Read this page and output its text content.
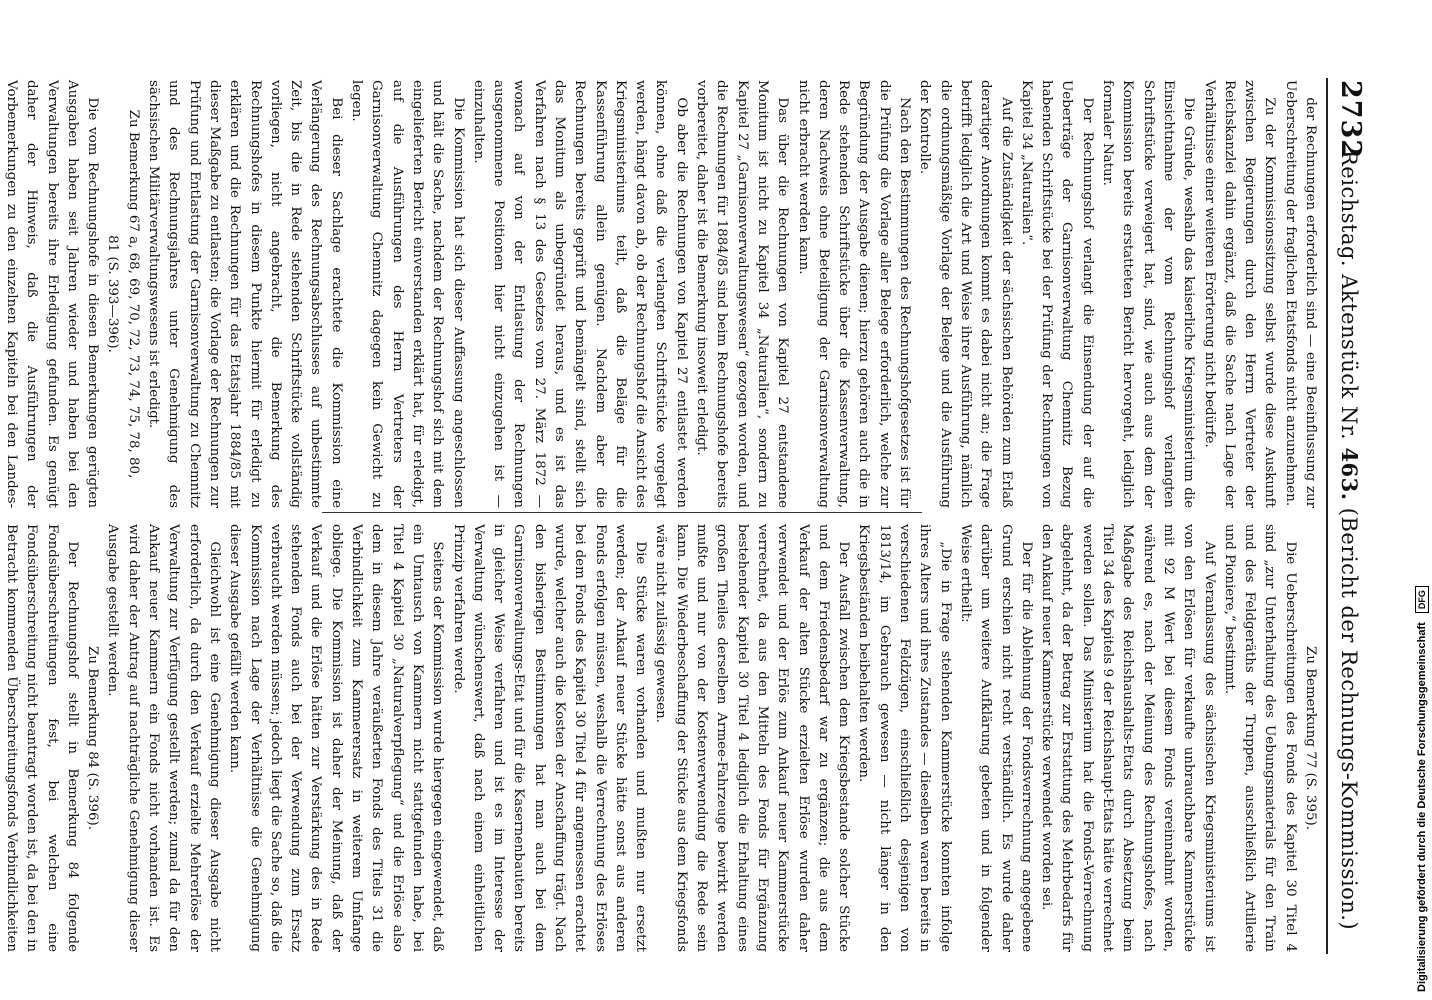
2732
Reichstag. Aktenstück Nr. 463. (Bericht der Rechnungs-Kommission.)

der Rechnungen erforderlich sind — eine Beeinflussung zur Ueberschreitung der fraglichen Etatsfonds nicht anzunehmen.

Zu der Kommissionssitzung selbst wurde diese Auskunft zwischen Regierungen durch den Herrn Vertreter der Reichskanzlei dahin ergänzt, daß die Sache nach Lage der Verhältnisse einer weiteren Erörterung nicht bedürfe.

Die Gründe, weshalb das kaiserliche Kriegsministerium die Einsichtnahme der vom Rechnungshof verlangten Schriftstücke verweigert hat, sind, wie auch aus dem der Kommission bereits erstatteten Bericht hervorgeht, lediglich formaler Natur.

Der Rechnungshof verlangt die Einsendung der auf die Ueberträge der Garnisonverwaltung Chemnitz Bezug habenden Schriftstücke bei der Prüfung der Rechnungen von Kapitel 34 „Naturalien“.

Auf die Zuständigkeit der sächsischen Behörden zum Erlaß derartiger Anordnungen kommt es dabei nicht an; die Frage betrifft lediglich die Art und Weise ihrer Ausführung, nämlich die ordnungsmäßige Vorlage der Belege und die Ausführung der Kontrolle.

Nach den Bestimmungen des Rechnungshofgesetzes ist für die Prüfung die Vorlage aller Belege erforderlich, welche zur Begründung der Ausgabe dienen; hierzu gehören auch die in Rede stehenden Schriftstücke über die Kassenverwaltung, deren Nachweis ohne Beteiligung der Garnisonverwaltung nicht erbracht werden kann.

Das über die Rechnungen von Kapitel 27 entstandene Monitum ist nicht zu Kapitel 34 „Naturalien“, sondern zu Kapitel 27 „Garnisonverwaltungswesen“ gezogen worden, und die Rechnungen für 1884/85 sind beim Rechnungshofe bereits vorbereitet, daher ist die Bemerkung insoweit erledigt.

Ob aber die Rechnungen von Kapitel 27 entlastet werden können, ohne daß die verlangten Schriftstücke vorgelegt werden, hängt davon ab, ob der Rechnungshof die Ansicht des Kriegsministeriums teilt, daß die Beläge für die Kassenführung allein genügen. Nachdem aber die Rechnungen bereits geprüft und bemängelt sind, stellt sich das Monitum als unbegründet heraus, und es ist das Verfahren nach § 13 des Gesetzes vom 27. März 1872 — wonach auf von der Entlastung der Rechnungen ausgenommene Positionen hier nicht einzugehen ist — einzuhalten.

Die Kommission hat sich dieser Auffassung angeschlossen und hält die Sache, nachdem der Rechnungshof sich mit dem eingelieferten Bericht einverstanden erklärt hat, für erledigt, auf die Ausführungen des Herrn Vertreters der Garnisonverwaltung Chemnitz dagegen kein Gewicht zu legen.

Bei dieser Sachlage erachtete die Kommission eine Verlängerung des Rechnungsabschlusses auf unbestimmte Zeit, bis die in Rede stehenden Schriftstücke vollständig vorliegen, nicht angebracht, die Bemerkung des Rechnungshofes in diesem Punkte hiermit für erledigt zu erklären und die Rechnungen für das Etatsjahr 1884/85 mit dieser Maßgabe zu entlasten; die Vorlage der Rechnungen zur Prüfung und Entlastung der Garnisonverwaltung zu Chemnitz und des Rechnungsjahres unter Genehmigung des sächsischen Militärverwaltungswesens ist erledigt.

Zu Bemerkung 67 a, 68, 69, 70, 72, 73, 74, 75, 78, 80,

81 (S. 393—396).

Die vom Rechnungshofe in diesen Bemerkungen gerügten Ausgaben haben seit Jahren wieder und haben bei den Verwaltungen bereits ihre Erledigung gefunden. Es genügt daher der Hinweis, daß die Ausführungen der Vorbemerkungen zu den einzelnen Kapiteln bei den Landes-

Zu Bemerkung 77 (S. 395).

Die Ueberschreitungen des Fonds des Kapitel 30 Titel 4 sind „zur Unterhaltung des Uebungsmaterials für den Train und des Feldgeräths der Truppen, ausschließlich Artillerie und Pioniere,“ bestimmt.

Auf Veranlassung des sächsischen Kriegsministeriums ist von den Erlösen für verkaufte unbrauchbare Kammerstücke mit 92 M Wert bei diesem Fonds vereinnahmt worden, während es, nach der Meinung des Rechnungshofes, nach Maßgabe des Reichshaushalts-Etats durch Absetzung beim Titel 34 des Kapitels 9 der Reichshaupt-Etats hätte verrechnet werden sollen. Das Ministerium hat die Fonds-Verrechnung abgelehnt, da der Betrag zur Erstattung des Mehrbedarfs für den Ankauf neuer Kammerstücke verwendet worden sei.

Der für die Ablehnung der Fondsverrechnung angegebene Grund erschien nicht recht verständlich. Es wurde daher darüber um weitere Aufklärung gebeten und in folgender Weise ertheilt:

„Die in Frage stehenden Kammerstücke konnten infolge ihres Alters und ihres Zustandes — dieselben waren bereits in verschiedenen Feldzügen, einschließlich desjenigen von 1813/14, im Gebrauch gewesen — nicht länger in den Kriegsbeständen beibehalten werden.

Der Ausfall zwischen dem Kriegsbestande solcher Stücke und dem Friedensbedarf war zu ergänzen; die aus dem Verkauf der alten Stücke erzielten Erlöse wurden daher verwendet und der Erlös zum Ankauf neuer Kammerstücke verrechnet, da aus den Mitteln des Fonds für Ergänzung bestehender Kapitel 30 Titel 4 lediglich die Erhaltung eines großen Theiles derselben Armee-Fahrzeuge bewirkt werden mußte und nur von der Kostenverwendung die Rede sein kann. Die Wiederbeschaffung der Stücke aus dem Kriegsfonds wäre nicht zulässig gewesen.

Die Stücke waren vorhanden und mußten nur ersetzt werden; der Ankauf neuer Stücke hätte sonst aus anderen Fonds erfolgen müssen, weshalb die Verrechnung des Erlöses bei dem Fonds des Kapitel 30 Titel 4 für angemessen erachtet wurde, welcher auch die Kosten der Anschaffung trägt. Nach den bisherigen Bestimmungen hat man auch bei dem Garnisonverwaltungs-Etat und für die Kasernenbauten bereits in gleicher Weise verfahren und ist es im Interesse der Verwaltung wünschenswert, daß nach einem einheitlichen Prinzip verfahren werde.

Seitens der Kommission wurde hiergegen eingewendet, daß ein Umtausch von Kammern nicht stattgefunden habe, bei Titel 4 Kapitel 30 „Naturalverpflegung“ und die Erlöse also dem in diesem Jahre veräußerten Fonds des Titels 31 die Verbindlichkeit zum Kammerersatz in weiterem Umfange obliege. Die Kommission ist daher der Meinung, daß der Verkauf und die Erlöse hätten zur Verstärkung des in Rede stehenden Fonds auch bei der Verwendung zum Ersatz verbraucht werden müssen; jedoch liegt die Sache so, daß die Kommission nach Lage der Verhältnisse die Genehmigung dieser Ausgabe gefällt werden kann.

Gleichwohl ist eine Genehmigung dieser Ausgabe nicht erforderlich, da durch den Verkauf erzielte Mehrerlöse der Verwaltung zur Verfügung gestellt werden; zumal da für den Ankauf neuer Kammern ein Fonds nicht vorhanden ist. Es wird daher der Antrag auf nachträgliche Genehmigung dieser Ausgabe gestellt werden.

Zu Bemerkung 84 (S. 396).

Der Rechnungshof stellt in Bemerkung 84 folgende Fondsüberschreitungen fest, bei welchen eine Fondsüberschreitung nicht beantragt worden ist, da bei den in Betracht kommenden Überschreitungsfonds Verbindlichkeiten	Digitalisierung gefördert durch die Deutsche Forschungsgemeinschaft DFG
